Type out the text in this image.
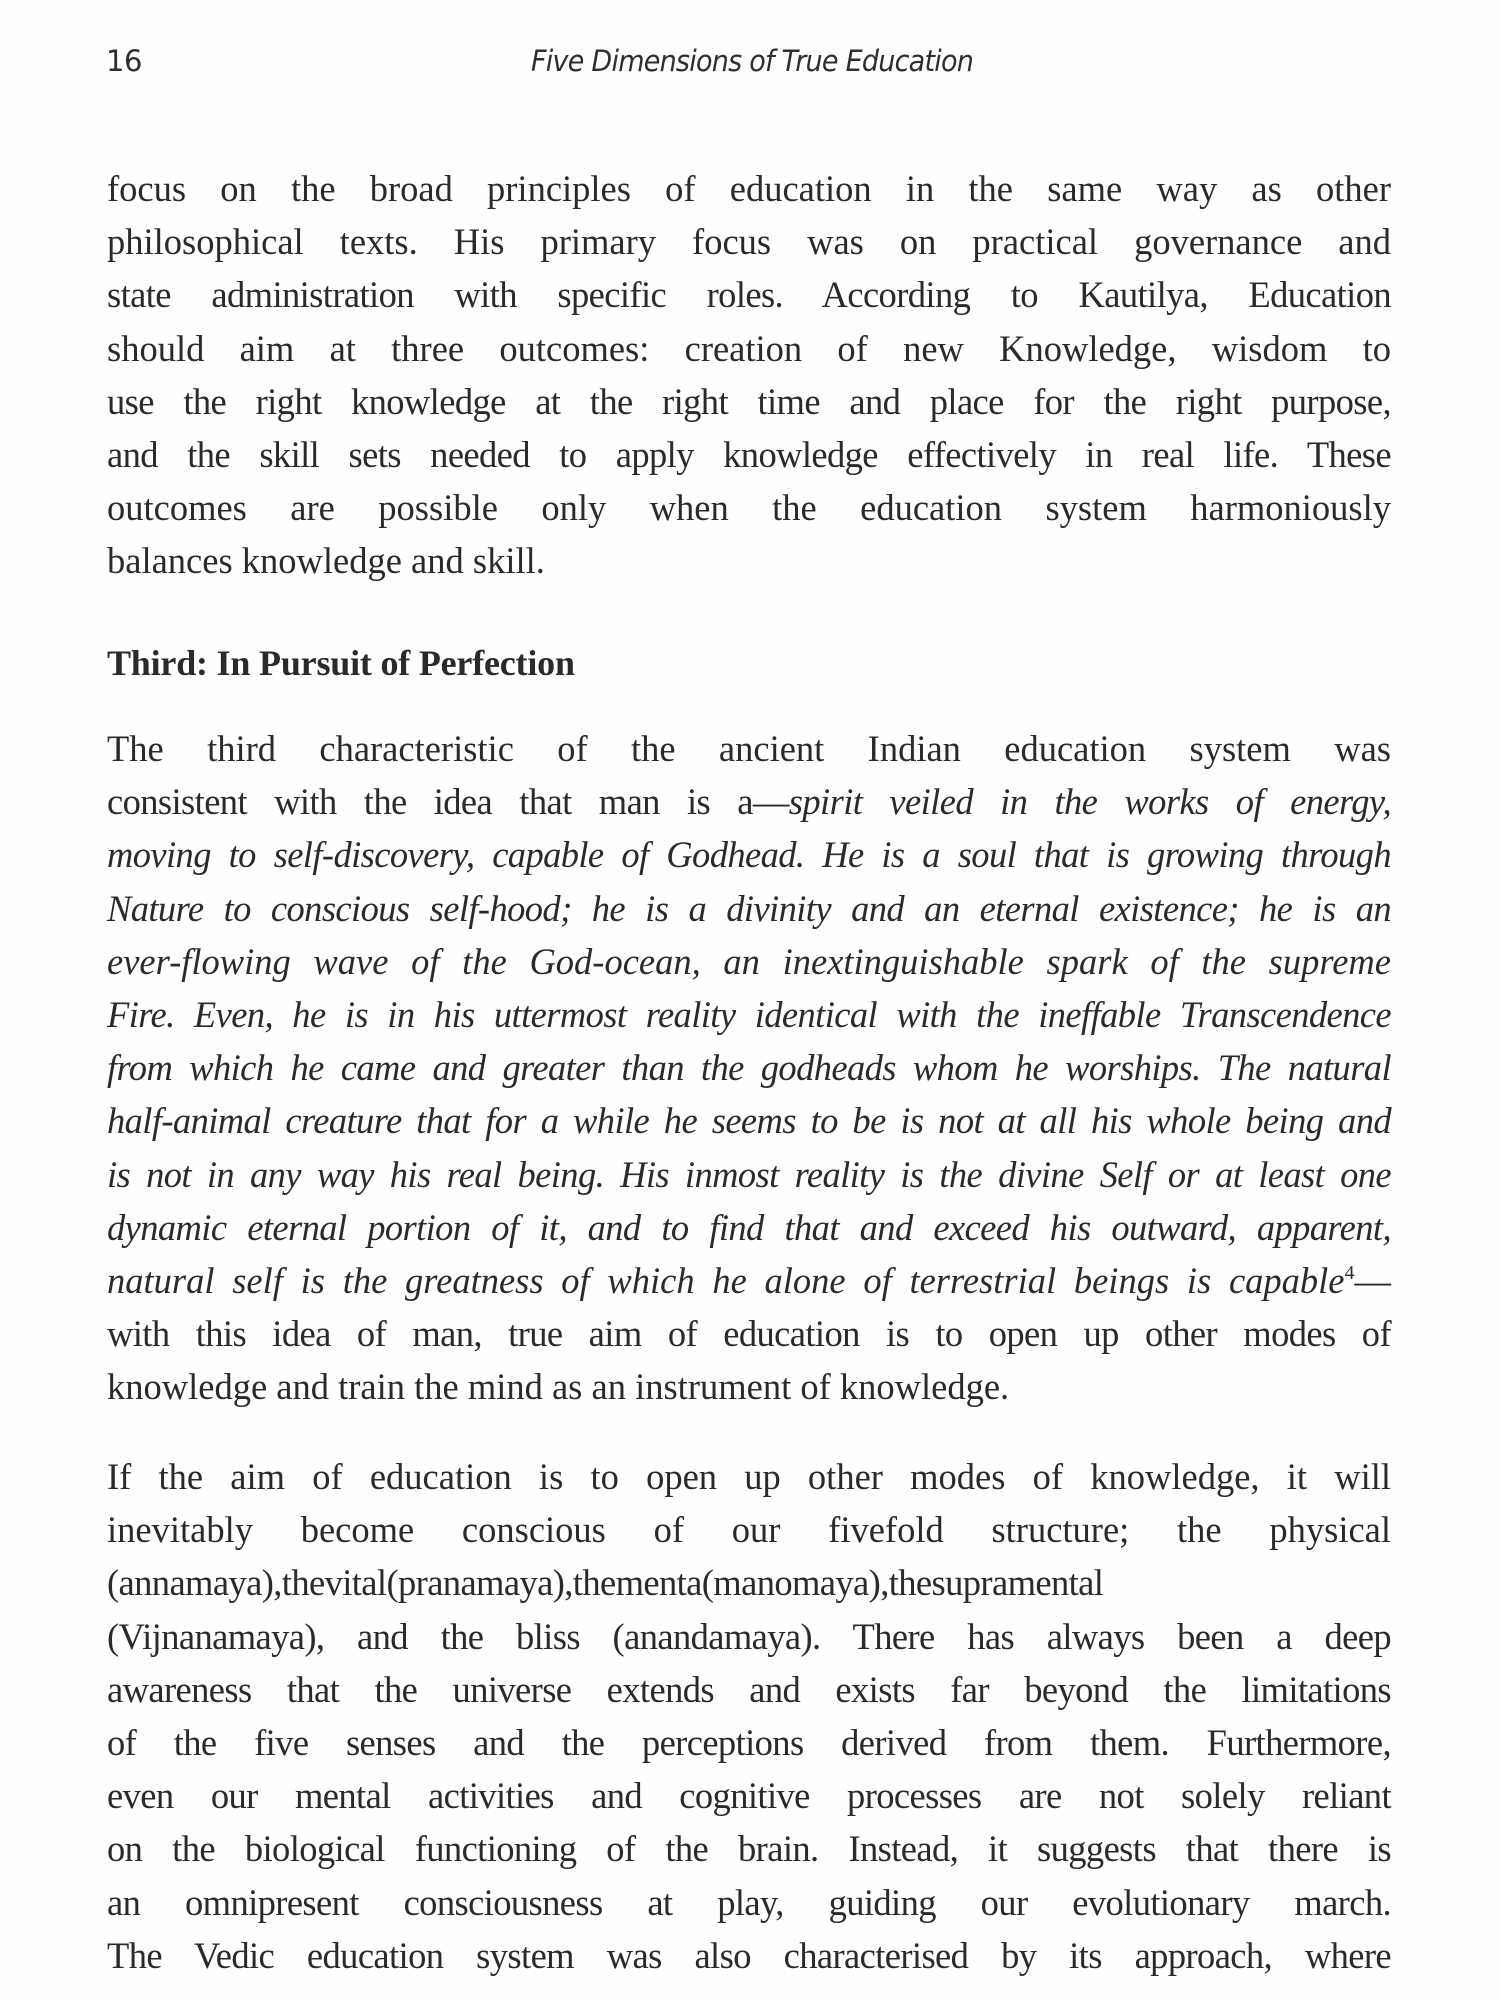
16	Five Dimensions of True Education
focus on the broad principles of education in the same way as other
philosophical texts. His primary focus was on practical governance and
state administration with specific roles. According to Kautilya, Education
should aim at three outcomes: creation of new Knowledge, wisdom to
use the right knowledge at the right time and place for the right purpose,
and the skill sets needed to apply knowledge effectively in real life. These
outcomes are possible only when the education system harmoniously
balances knowledge and skill.
Third: In Pursuit of Perfection
The third characteristic of the ancient Indian education system was
consistent with the idea that man is a—spirit veiled in the works of energy,
moving to self-discovery, capable of Godhead. He is a soul that is growing through
Nature to conscious self-hood; he is a divinity and an eternal existence; he is an
ever-flowing wave of the God-ocean, an inextinguishable spark of the supreme
Fire. Even, he is in his uttermost reality identical with the ineffable Transcendence
from which he came and greater than the godheads whom he worships. The natural
half-animal creature that for a while he seems to be is not at all his whole being and
is not in any way his real being. His inmost reality is the divine Self or at least one
dynamic eternal portion of it, and to find that and exceed his outward, apparent,
natural self is the greatness of which he alone of terrestrial beings is capable$^4$—
with this idea of man, true aim of education is to open up other modes of
knowledge and train the mind as an instrument of knowledge.
If the aim of education is to open up other modes of knowledge, it will
inevitably become conscious of our fivefold structure; the physical
(annamaya),thevital(pranamaya),thementa(manomaya),thesupramental
(Vijnanamaya), and the bliss (anandamaya). There has always been a deep
awareness that the universe extends and exists far beyond the limitations
of the five senses and the perceptions derived from them. Furthermore,
even our mental activities and cognitive processes are not solely reliant
on the biological functioning of the brain. Instead, it suggests that there is
an omnipresent consciousness at play, guiding our evolutionary march.
The Vedic education system was also characterised by its approach, where
